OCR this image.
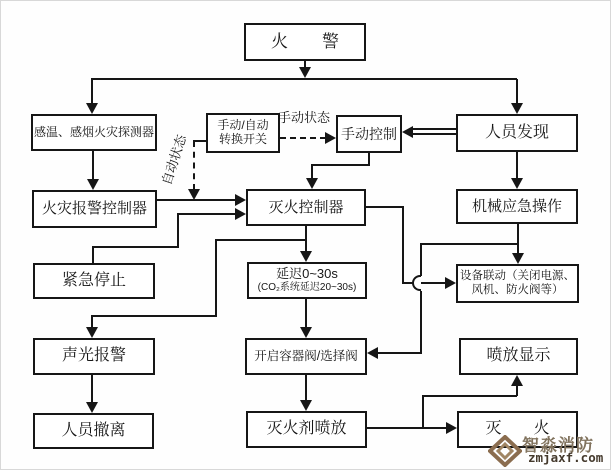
火　　警
感温、感烟火灾探测器	手动/自动
转换开关	手动控制	人员发现
火灾报警控制器	灭火控制器	机械应急操作
紧急停止	延迟0~30s
(CO₂系统延迟20~30s)
设备联动（关闭电源、
风机、防火阀等）
声光报警	开启容器阀/选择阀	喷放显示
人员撤离	灭火剂喷放	灭　　火
手动状态
自动状态
智淼消防
zmjaxf.com
